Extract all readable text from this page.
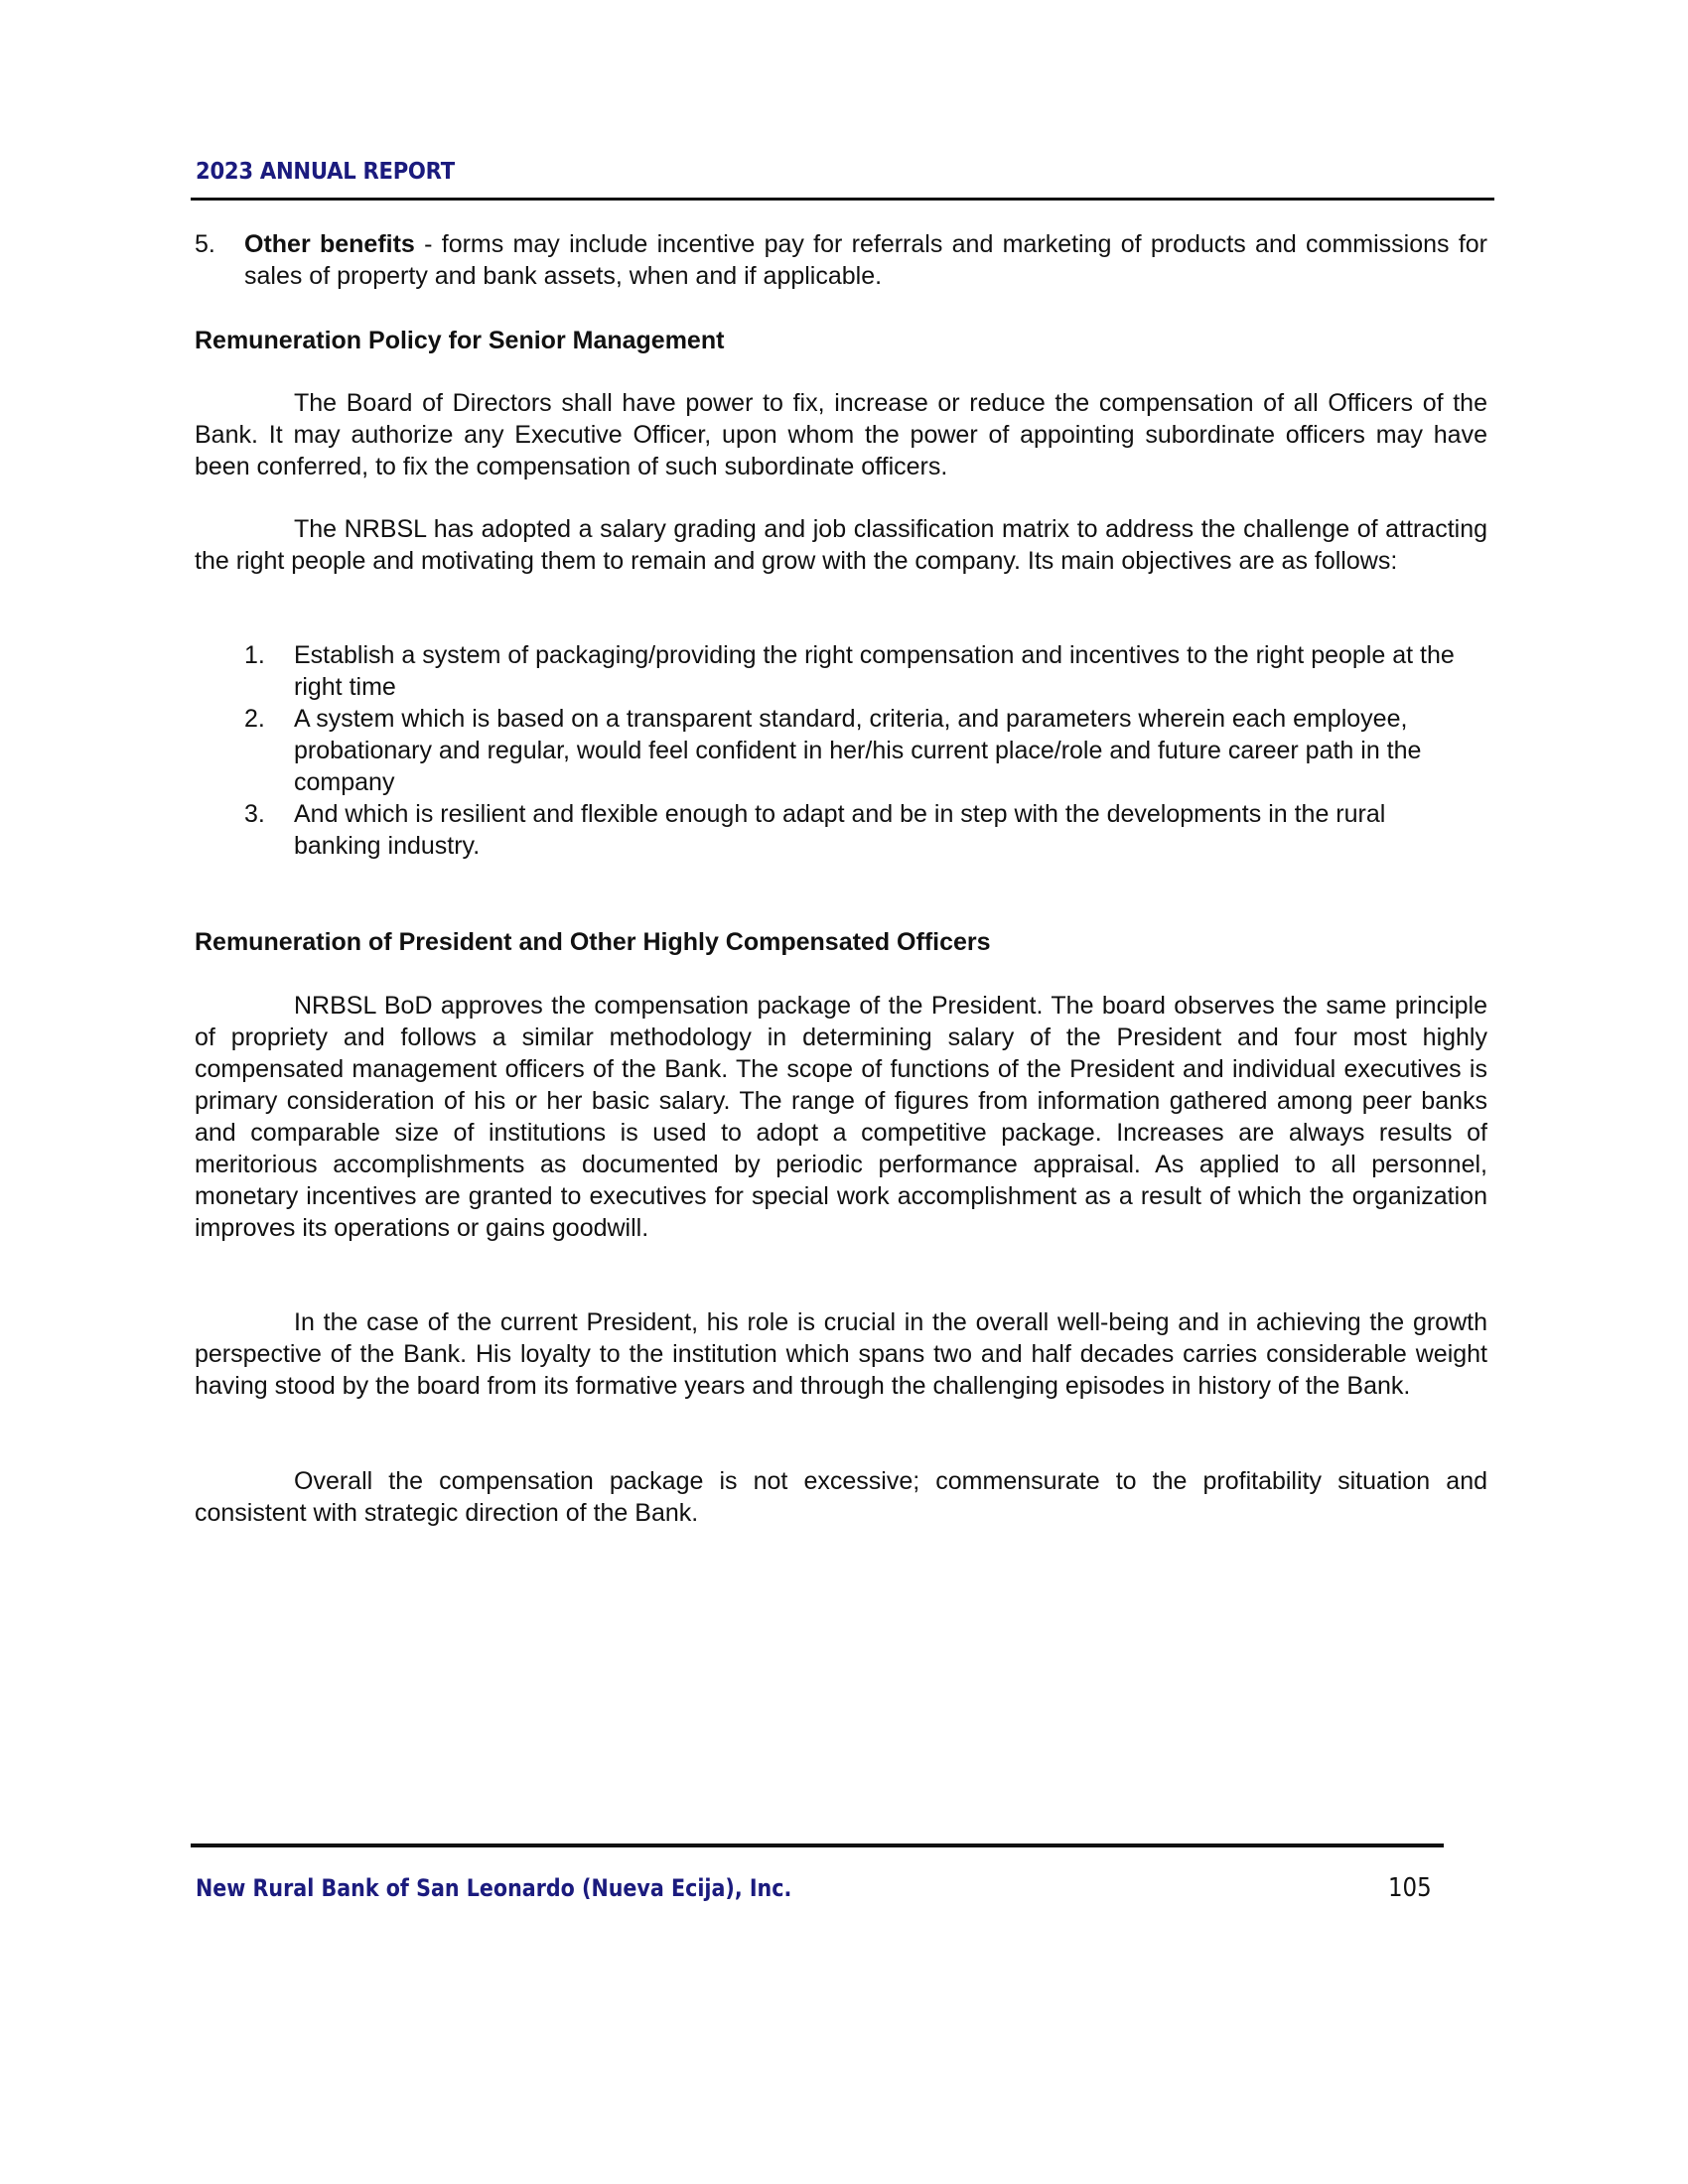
2023 ANNUAL REPORT
5. Other benefits - forms may include incentive pay for referrals and marketing of products and commissions for sales of property and bank assets, when and if applicable.
Remuneration Policy for Senior Management

The Board of Directors shall have power to fix, increase or reduce the compensation of all Officers of the Bank. It may authorize any Executive Officer, upon whom the power of appointing subordinate officers may have been conferred, to fix the compensation of such subordinate officers.

The NRBSL has adopted a salary grading and job classification matrix to address the challenge of attracting the right people and motivating them to remain and grow with the company. Its main objectives are as follows:

1. Establish a system of packaging/providing the right compensation and incentives to the right people at the right time
2. A system which is based on a transparent standard, criteria, and parameters wherein each employee, probationary and regular, would feel confident in her/his current place/role and future career path in the company
3. And which is resilient and flexible enough to adapt and be in step with the developments in the rural banking industry.
Remuneration of President and Other Highly Compensated Officers

NRBSL BoD approves the compensation package of the President. The board observes the same principle of propriety and follows a similar methodology in determining salary of the President and four most highly compensated management officers of the Bank. The scope of functions of the President and individual executives is primary consideration of his or her basic salary. The range of figures from information gathered among peer banks and comparable size of institutions is used to adopt a competitive package. Increases are always results of meritorious accomplishments as documented by periodic performance appraisal. As applied to all personnel, monetary incentives are granted to executives for special work accomplishment as a result of which the organization improves its operations or gains goodwill.

In the case of the current President, his role is crucial in the overall well-being and in achieving the growth perspective of the Bank. His loyalty to the institution which spans two and half decades carries considerable weight having stood by the board from its formative years and through the challenging episodes in history of the Bank.

Overall the compensation package is not excessive; commensurate to the profitability situation and consistent with strategic direction of the Bank.

New Rural Bank of San Leonardo (Nueva Ecija), Inc.	105
